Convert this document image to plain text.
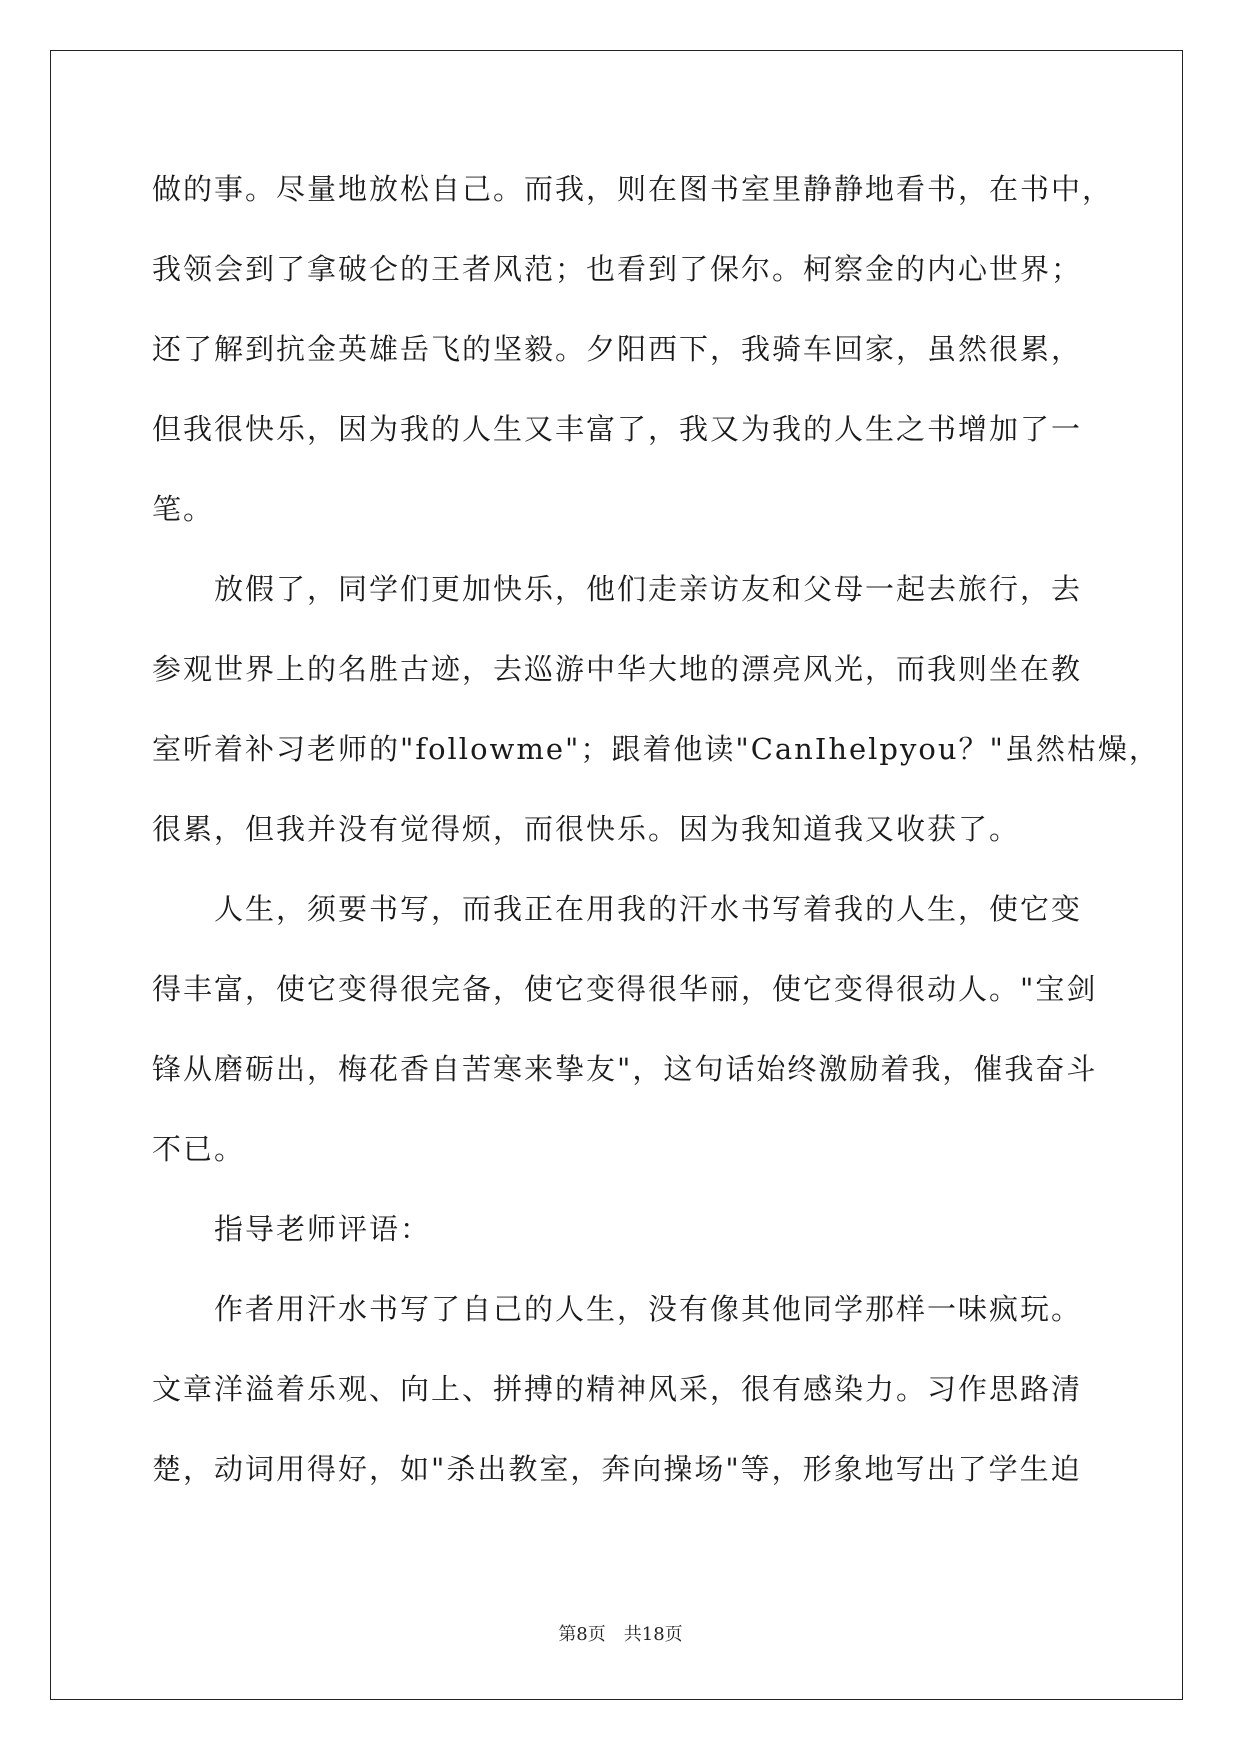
做的事。尽量地放松自己。而我，则在图书室里静静地看书，在书中，
我领会到了拿破仑的王者风范；也看到了保尔。柯察金的内心世界；
还了解到抗金英雄岳飞的坚毅。夕阳西下，我骑车回家，虽然很累，
但我很快乐，因为我的人生又丰富了，我又为我的人生之书增加了一
笔。
放假了，同学们更加快乐，他们走亲访友和父母一起去旅行，去
参观世界上的名胜古迹，去巡游中华大地的漂亮风光，而我则坐在教
室听着补习老师的"followme"；跟着他读"CanIhelpyou？"虽然枯燥，
很累，但我并没有觉得烦，而很快乐。因为我知道我又收获了。
人生，须要书写，而我正在用我的汗水书写着我的人生，使它变
得丰富，使它变得很完备，使它变得很华丽，使它变得很动人。"宝剑
锋从磨砺出，梅花香自苦寒来挚友"，这句话始终激励着我，催我奋斗
不已。
指导老师评语：
作者用汗水书写了自己的人生，没有像其他同学那样一味疯玩。
文章洋溢着乐观、向上、拼搏的精神风采，很有感染力。习作思路清
楚，动词用得好，如"杀出教室，奔向操场"等，形象地写出了学生迫
第8页 共18页
